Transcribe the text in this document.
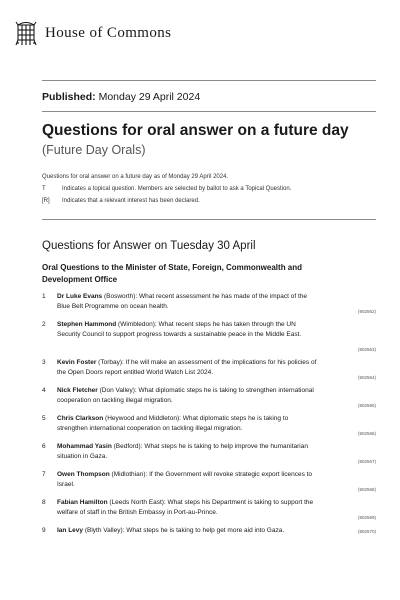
House of Commons
Published: Monday 29 April 2024
Questions for oral answer on a future day
(Future Day Orals)
Questions for oral answer on a future day as of Monday 29 April 2024.
T	Indicates a topical question. Members are selected by ballot to ask a Topical Question.
[R]	Indicates that a relevant interest has been declared.
Questions for Answer on Tuesday 30 April
Oral Questions to the Minister of State, Foreign, Commonwealth and Development Office
1 Dr Luke Evans (Bosworth): What recent assessment he has made of the impact of the Blue Belt Programme on ocean health.
(902562)
2 Stephen Hammond (Wimbledon): What recent steps he has taken through the UN Security Council to support progress towards a sustainable peace in the Middle East.
(902563)
3 Kevin Foster (Torbay): If he will make an assessment of the implications for his policies of the Open Doors report entitled World Watch List 2024.
(902564)
4 Nick Fletcher (Don Valley): What diplomatic steps he is taking to strengthen international cooperation on tackling illegal migration.
(902565)
5 Chris Clarkson (Heywood and Middleton): What diplomatic steps he is taking to strengthen international cooperation on tackling illegal migration.
(902566)
6 Mohammad Yasin (Bedford): What steps he is taking to help improve the humanitarian situation in Gaza.
(902567)
7 Owen Thompson (Midlothian): If the Government will revoke strategic export licences to Israel.
(902568)
8 Fabian Hamilton (Leeds North East): What steps his Department is taking to support the welfare of staff in the British Embassy in Port-au-Prince.
(902569)
9 Ian Levy (Blyth Valley): What steps he is taking to help get more aid into Gaza.	(902570)
